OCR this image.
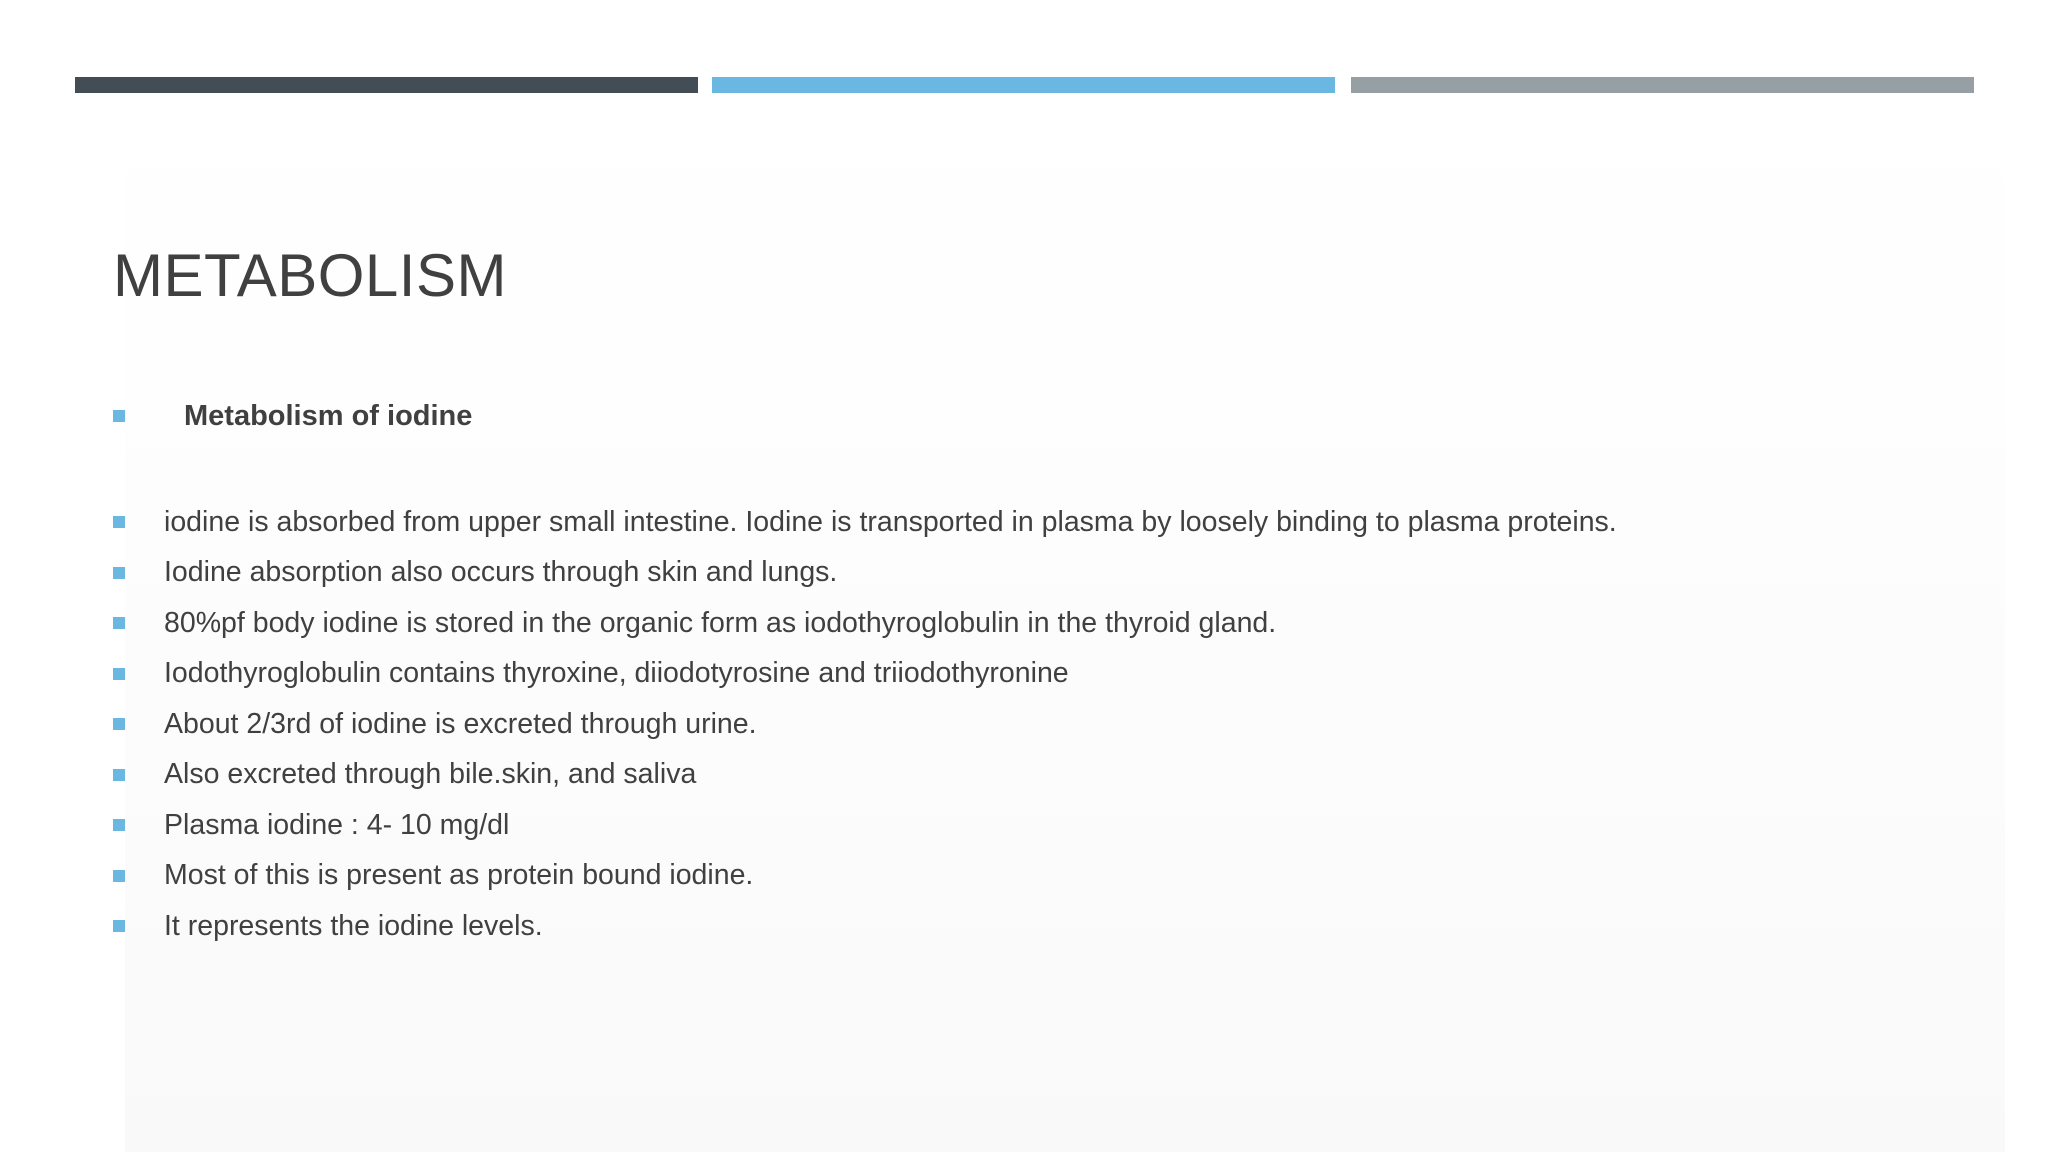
METABOLISM
Metabolism of iodine
iodine is absorbed from upper small intestine. Iodine is transported in plasma by loosely binding to plasma proteins.
Iodine absorption also occurs through skin and lungs.
80%pf body iodine is stored in the organic form as iodothyroglobulin in the thyroid gland.
Iodothyroglobulin contains thyroxine, diiodotyrosine and triiodothyronine
About 2/3rd of iodine is excreted through urine.
Also excreted through bile.skin, and saliva
Plasma iodine : 4- 10 mg/dl
Most of this is present as protein bound iodine.
It represents the iodine levels.
